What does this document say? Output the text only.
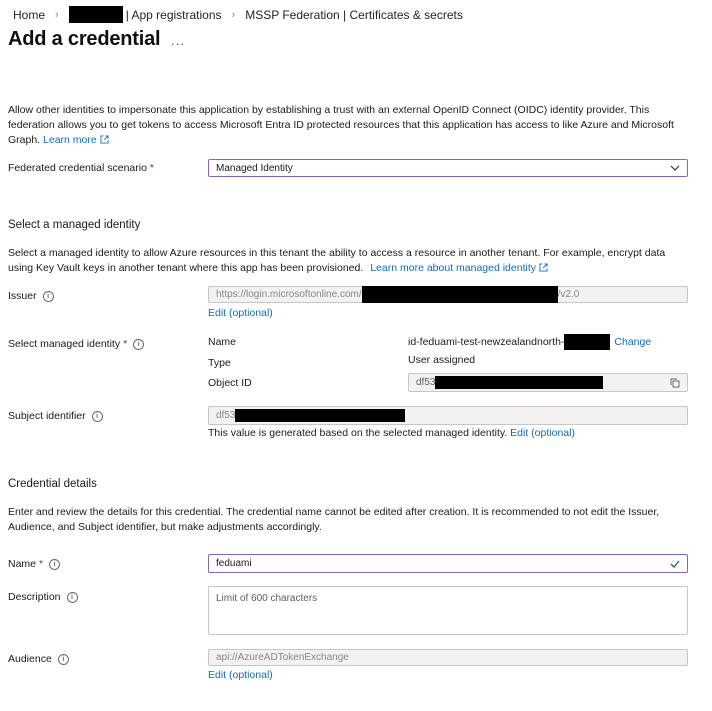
Home ›	| App registrations › MSSP Federation | Certificates & secrets
Add a credential ...
Allow other identities to impersonate this application by establishing a trust with an external OpenID Connect (OIDC) identity provider. This federation allows you to get tokens to access Microsoft Entra ID protected resources that this application has access to like Azure and Microsoft Graph. Learn more
Federated credential scenario *	Managed Identity
Select a managed identity
Select a managed identity to allow Azure resources in this tenant the ability to access a resource in another tenant. For example, encrypt data using Key Vault keys in another tenant where this app has been provisioned. Learn more about managed identity
Issuer	i	https://login.microsoftonline.com/	/v2.0
Edit (optional)
Select managed identity *	i	Name	id-feduami-test-newzealandnorth-	Change
Type	User assigned
Object ID	df53
Subject identifier	i	df53
This value is generated based on the selected managed identity. Edit (optional)
Credential details
Enter and review the details for this credential. The credential name cannot be edited after creation. It is recommended to not edit the Issuer, Audience, and Subject identifier, but make adjustments accordingly.
Name *	i	feduami
Description	i	Limit of 600 characters
Audience	i	api://AzureADTokenExchange
Edit (optional)
